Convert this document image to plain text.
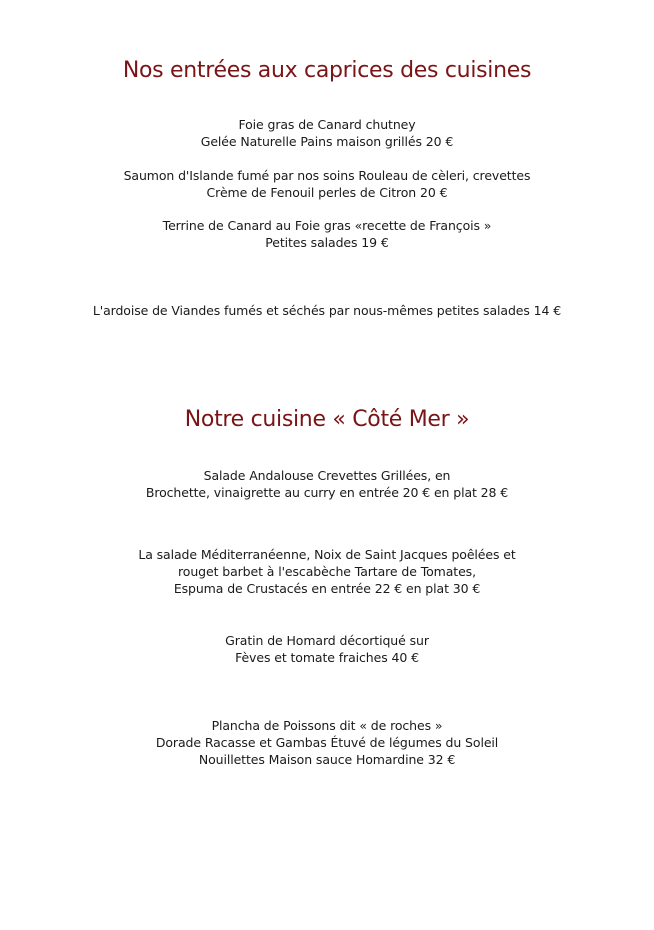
Nos entrées aux caprices des cuisines
Foie gras de Canard chutney
Gelée Naturelle Pains maison grillés 20 €
Saumon d'Islande fumé par nos soins Rouleau de cèleri, crevettes
Crème de Fenouil perles de Citron 20 €
Terrine de Canard au Foie gras «recette de François »
Petites salades 19 €
L'ardoise de Viandes fumés et séchés par nous-mêmes petites salades 14 €
Notre cuisine « Côté Mer »
Salade Andalouse Crevettes Grillées, en
Brochette, vinaigrette au curry en entrée 20 € en plat 28 €
La salade Méditerranéenne, Noix de Saint Jacques poêlées et
rouget barbet à l'escabèche Tartare de Tomates,
Espuma de Crustacés en entrée 22 € en plat 30 €
Gratin de Homard décortiqué sur
Fèves et tomate fraiches 40 €
Plancha de Poissons dit « de roches »
Dorade Racasse et Gambas Étuvé de légumes du Soleil
Nouillettes Maison sauce Homardine 32 €
